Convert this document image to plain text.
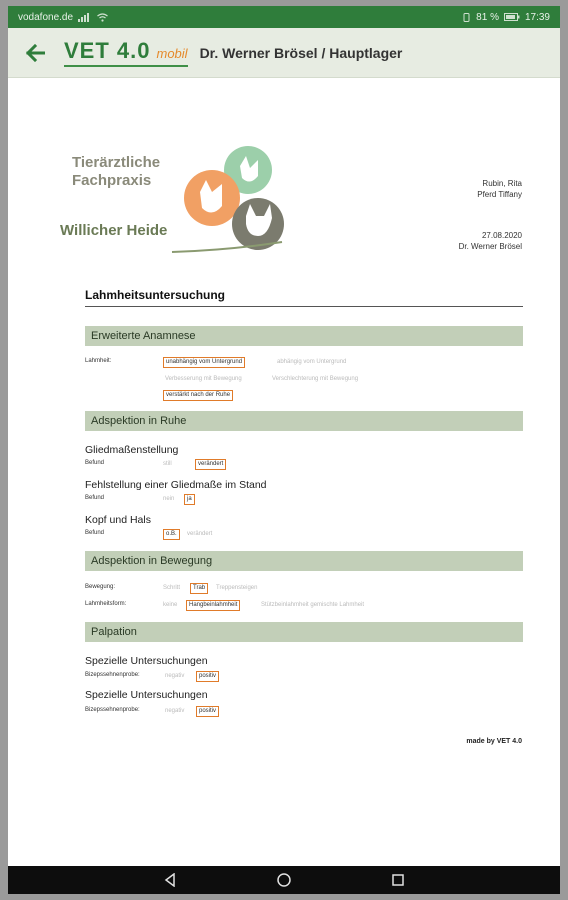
vodafone.de	81 %	17:39
VET 4.0 mobil Dr. Werner Brösel / Hauptlager
Tierärztliche
Fachpraxis
Willicher Heide
Rubin, Rita
Pferd Tiffany
27.08.2020
Dr. Werner Brösel
Lahmheitsuntersuchung
Erweiterte Anamnese
Lahmheit:	unabhängig vom Untergrund	abhängig vom Untergrund
Verbesserung mit Bewegung	Verschlechterung mit Bewegung
verstärkt nach der Ruhe
Adspektion in Ruhe
Gliedmaßenstellung
Befund	still	verändert
Fehlstellung einer Gliedmaße im Stand
Befund	nein	ja
Kopf und Hals
Befund	o.B.	verändert
Adspektion in Bewegung
Bewegung:	Schritt	Trab	Treppensteigen
Lahmheitsform:	keine	Hangbeinlahmheit	Stützbeinlahmheit gemischte Lahmheit
Palpation
Spezielle Untersuchungen
Bizepssehnenprobe:	negativ	positiv
Spezielle Untersuchungen
Bizepssehnenprobe:	negativ	positiv
made by VET 4.0
